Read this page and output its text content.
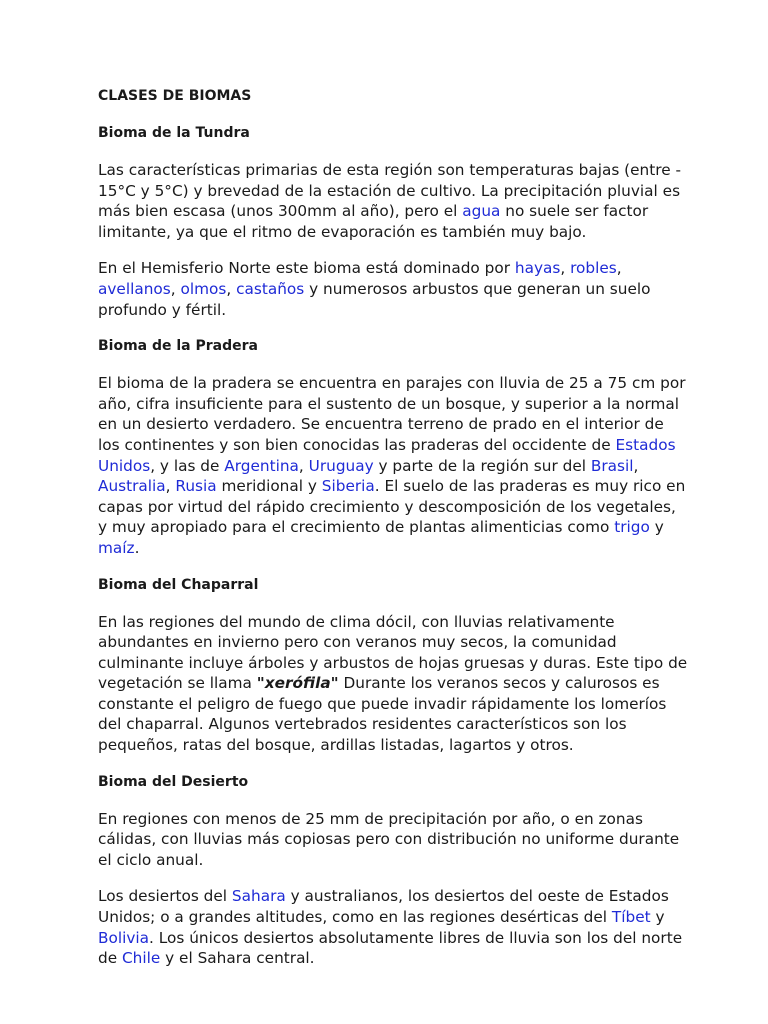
CLASES DE BIOMAS
Bioma de la Tundra
Las características primarias de esta región son temperaturas bajas (entre - 15°C y 5°C) y brevedad de la estación de cultivo. La precipitación pluvial es más bien escasa (unos 300mm al año), pero el agua no suele ser factor limitante, ya que el ritmo de evaporación es también muy bajo.
En el Hemisferio Norte este bioma está dominado por hayas, robles, avellanos, olmos, castaños y numerosos arbustos que generan un suelo profundo y fértil.
Bioma de la Pradera
El bioma de la pradera se encuentra en parajes con lluvia de 25 a 75 cm por año, cifra insuficiente para el sustento de un bosque, y superior a la normal en un desierto verdadero. Se encuentra terreno de prado en el interior de los continentes y son bien conocidas las praderas del occidente de Estados Unidos, y las de Argentina, Uruguay y parte de la región sur del Brasil, Australia, Rusia meridional y Siberia. El suelo de las praderas es muy rico en capas por virtud del rápido crecimiento y descomposición de los vegetales, y muy apropiado para el crecimiento de plantas alimenticias como trigo y maíz.
Bioma del Chaparral
En las regiones del mundo de clima dócil, con lluvias relativamente abundantes en invierno pero con veranos muy secos, la comunidad culminante incluye árboles y arbustos de hojas gruesas y duras. Este tipo de vegetación se llama "xerófila" Durante los veranos secos y calurosos es constante el peligro de fuego que puede invadir rápidamente los lomeríos del chaparral. Algunos vertebrados residentes característicos son los pequeños, ratas del bosque, ardillas listadas, lagartos y otros.
Bioma del Desierto
En regiones con menos de 25 mm de precipitación por año, o en zonas cálidas, con lluvias más copiosas pero con distribución no uniforme durante el ciclo anual.
Los desiertos del Sahara y australianos, los desiertos del oeste de Estados Unidos; o a grandes altitudes, como en las regiones desérticas del Tíbet y Bolivia. Los únicos desiertos absolutamente libres de lluvia son los del norte de Chile y el Sahara central.
